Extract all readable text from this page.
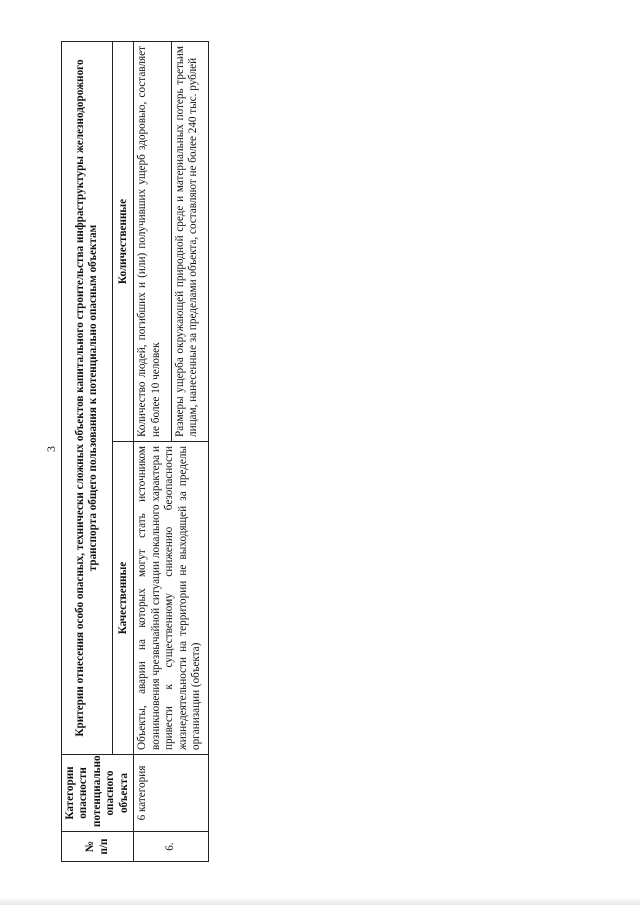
3
№ п/п	Категории опасности потенциально опасного объекта	Критерии отнесения особо опасных, технически сложных объектов капитального строительства инфраструктуры железнодорожного транспорта общего пользования к потенциально опасным объектам	
		Качественные	Количественные
6.	6 категория	Объекты, аварии на которых могут стать источником возникновения чрезвычайной ситуации локального характера и привести к существенному снижению безопасности жизнедеятельности на территории не выходящей за пределы организации (объекта)	Количество людей, погибших и (или) получивших ущерб здоровью, составляет не более 10 человек
			Размеры ущерба окружающей природной среде и материальных потерь третьим лицам, нанесенные за пределами объекта, составляют не более 240 тыс. рублей
